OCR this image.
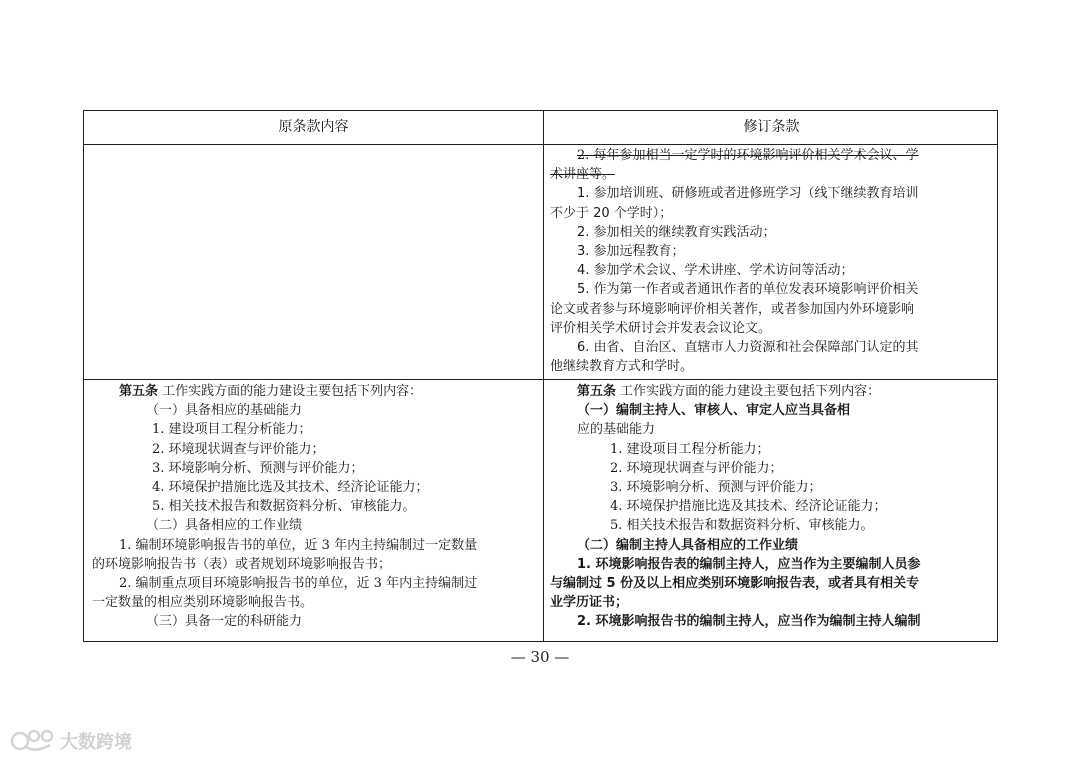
原条款内容	修订条款

2. 每年参加相当一定学时的环境影响评价相关学术会议、学

术讲座等。

1. 参加培训班、研修班或者进修班学习（线下继续教育培训

不少于 20 个学时）；

2. 参加相关的继续教育实践活动；

3. 参加远程教育；

4. 参加学术会议、学术讲座、学术访问等活动；

5. 作为第一作者或者通讯作者的单位发表环境影响评价相关

论文或者参与环境影响评价相关著作，或者参加国内外环境影响

评价相关学术研讨会并发表会议论文。

6. 由省、自治区、直辖市人力资源和社会保障部门认定的其

他继续教育方式和学时。

第五条 工作实践方面的能力建设主要包括下列内容：

（一）具备相应的基础能力

1. 建设项目工程分析能力；

2. 环境现状调查与评价能力；

3. 环境影响分析、预测与评价能力；

4. 环境保护措施比选及其技术、经济论证能力；

5. 相关技术报告和数据资料分析、审核能力。

（二）具备相应的工作业绩

1. 编制环境影响报告书的单位，近 3 年内主持编制过一定数量

的环境影响报告书（表）或者规划环境影响报告书；

2. 编制重点项目环境影响报告书的单位，近 3 年内主持编制过

一定数量的相应类别环境影响报告书。

（三）具备一定的科研能力

第五条 工作实践方面的能力建设主要包括下列内容：

（一）编制主持人、审核人、审定人应当具备相

应的基础能力

1. 建设项目工程分析能力；

2. 环境现状调查与评价能力；

3. 环境影响分析、预测与评价能力；

4. 环境保护措施比选及其技术、经济论证能力；

5. 相关技术报告和数据资料分析、审核能力。

（二）编制主持人具备相应的工作业绩

1. 环境影响报告表的编制主持人，应当作为主要编制人员参

与编制过 5 份及以上相应类别环境影响报告表，或者具有相关专

业学历证书；

2. 环境影响报告书的编制主持人，应当作为编制主持人编制

— 30 —
大数跨境
